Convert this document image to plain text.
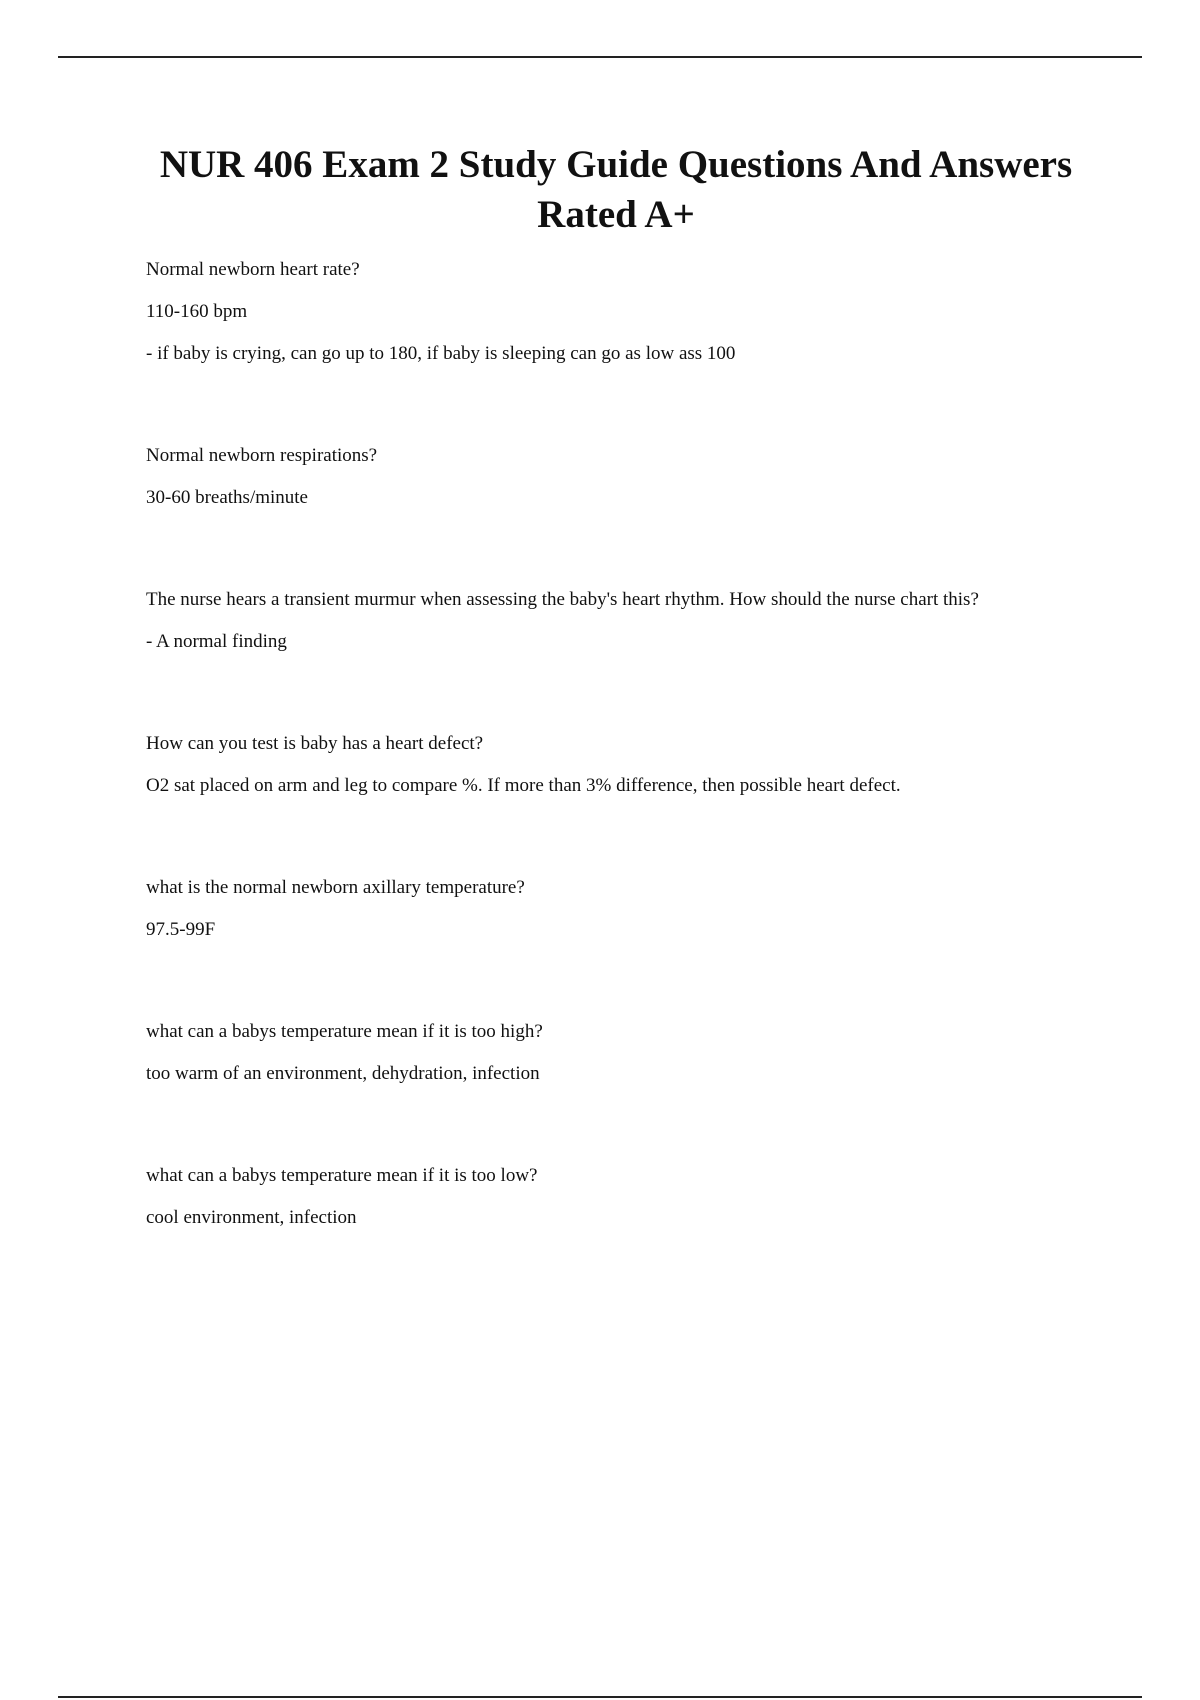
NUR 406 Exam 2 Study Guide Questions And Answers Rated A+

Normal newborn heart rate?

110-160 bpm

- if baby is crying, can go up to 180, if baby is sleeping can go as low ass 100

Normal newborn respirations?

30-60 breaths/minute

The nurse hears a transient murmur when assessing the baby's heart rhythm. How should the nurse chart this?

- A normal finding

How can you test is baby has a heart defect?

O2 sat placed on arm and leg to compare %. If more than 3% difference, then possible heart defect.

what is the normal newborn axillary temperature?

97.5-99F

what can a babys temperature mean if it is too high?

too warm of an environment, dehydration, infection

what can a babys temperature mean if it is too low?

cool environment, infection
